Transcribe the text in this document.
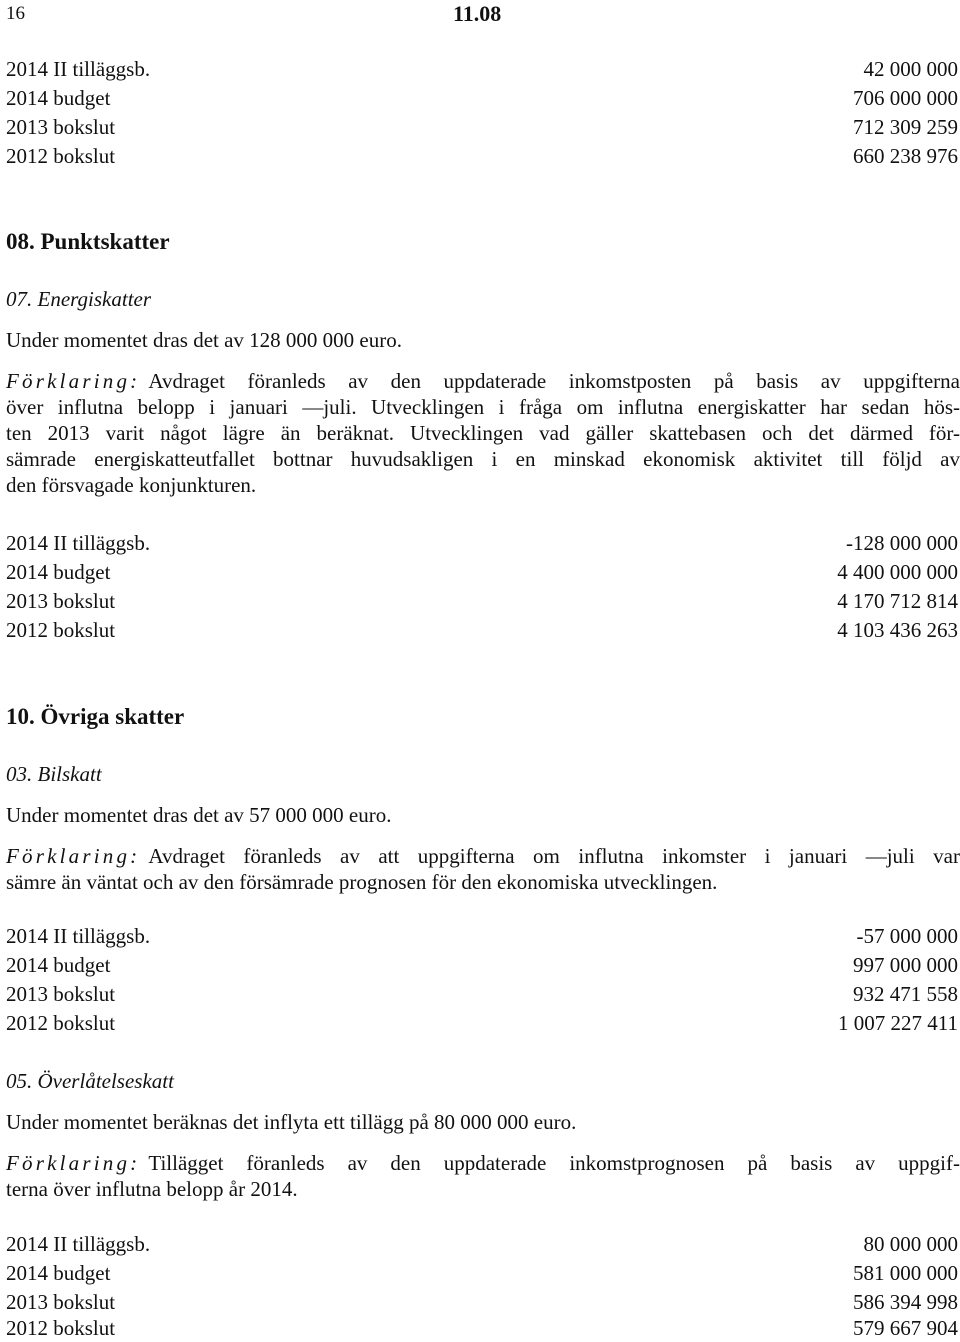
16	11.08
2014 II tilläggsb.	42 000 000
2014 budget	706 000 000
2013 bokslut	712 309 259
2012 bokslut	660 238 976
08. Punktskatter
07. Energiskatter
Under momentet dras det av 128 000 000 euro.
Förklaring: Avdraget föranleds av den uppdaterade inkomstposten på basis av uppgifterna
över influtna belopp i januari —juli. Utvecklingen i fråga om influtna energiskatter har sedan hös-
ten 2013 varit något lägre än beräknat. Utvecklingen vad gäller skattebasen och det därmed för-
sämrade energiskatteutfallet bottnar huvudsakligen i en minskad ekonomisk aktivitet till följd av
den försvagade konjunkturen.
2014 II tilläggsb.	-128 000 000
2014 budget	4 400 000 000
2013 bokslut	4 170 712 814
2012 bokslut	4 103 436 263
10. Övriga skatter
03. Bilskatt
Under momentet dras det av 57 000 000 euro.
Förklaring: Avdraget föranleds av att uppgifterna om influtna inkomster i januari —juli var
sämre än väntat och av den försämrade prognosen för den ekonomiska utvecklingen.
2014 II tilläggsb.	-57 000 000
2014 budget	997 000 000
2013 bokslut	932 471 558
2012 bokslut	1 007 227 411
05. Överlåtelseskatt
Under momentet beräknas det inflyta ett tillägg på 80 000 000 euro.
Förklaring: Tillägget föranleds av den uppdaterade inkomstprognosen på basis av uppgif-
terna över influtna belopp år 2014.
2014 II tilläggsb.	80 000 000
2014 budget	581 000 000
2013 bokslut	586 394 998
2012 bokslut	579 667 904
